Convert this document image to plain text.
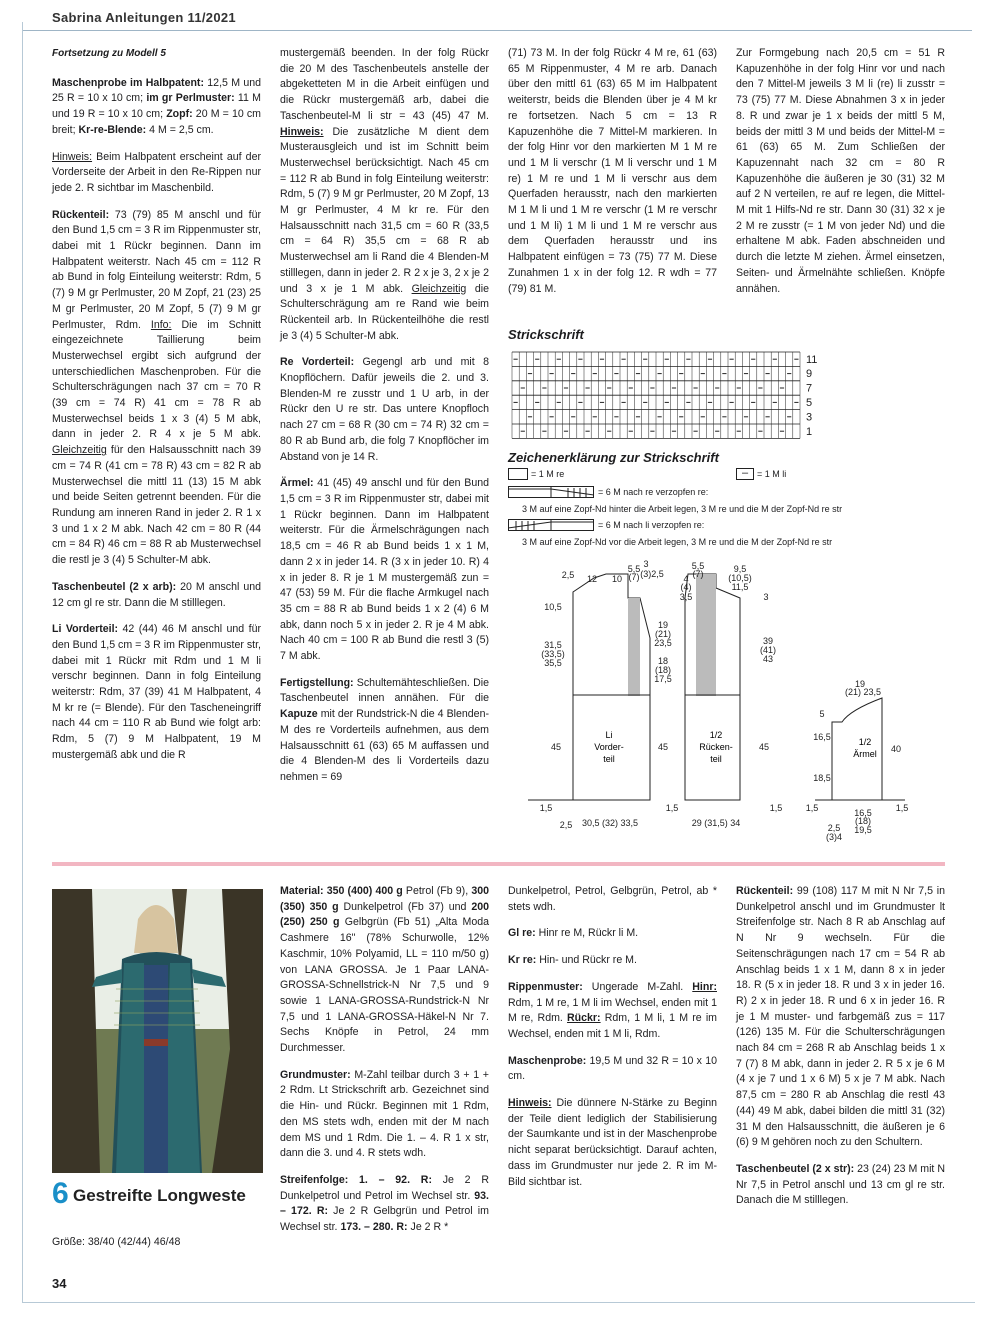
Sabrina Anleitungen 11/2021

Fortsetzung zu Modell 5

Maschenprobe im Halbpatent: 12,5 M und 25 R = 10 x 10 cm; im gr Perlmuster: 11 M und 19 R = 10 x 10 cm; Zopf: 20 M = 10 cm breit; Kr-re-Blende: 4 M = 2,5 cm.

Hinweis: Beim Halbpatent erscheint auf der Vorderseite der Arbeit in den Re-Rippen nur jede 2. R sichtbar im Maschenbild.

Rückenteil: 73 (79) 85 M anschl und für den Bund 1,5 cm = 3 R im Rippenmuster str, dabei mit 1 Rückr beginnen. Dann im Halbpatent weiterstr. Nach 45 cm = 112 R ab Bund in folg Einteilung weiterstr: Rdm, 5 (7) 9 M gr Perlmuster, 20 M Zopf, 21 (23) 25 M gr Perlmuster, 20 M Zopf, 5 (7) 9 M gr Perlmuster, Rdm. Info: Die im Schnitt eingezeichnete Taillierung beim Musterwechsel ergibt sich aufgrund der unterschiedlichen Maschenproben. Für die Schulterschrägungen nach 37 cm = 70 R (39 cm = 74 R) 41 cm = 78 R ab Musterwechsel beids 1 x 3 (4) 5 M abk, dann in jeder 2. R 4 x je 5 M abk. Gleichzeitig für den Halsausschnitt nach 39 cm = 74 R (41 cm = 78 R) 43 cm = 82 R ab Musterwechsel die mittl 11 (13) 15 M abk und beide Seiten getrennt beenden. Für die Rundung am inneren Rand in jeder 2. R 1 x 3 und 1 x 2 M abk. Nach 42 cm = 80 R (44 cm = 84 R) 46 cm = 88 R ab Musterwechsel die restl je 3 (4) 5 Schulter-M abk.

Taschenbeutel (2 x arb): 20 M anschl und 12 cm gl re str. Dann die M stilllegen.

Li Vorderteil: 42 (44) 46 M anschl und für den Bund 1,5 cm = 3 R im Rippenmuster str, dabei mit 1 Rückr mit Rdm und 1 M li verschr beginnen. Dann in folg Einteilung weiterstr: Rdm, 37 (39) 41 M Halbpatent, 4 M kr re (= Blende). Für den Tascheneingriff nach 44 cm = 110 R ab Bund wie folgt arb: Rdm, 5 (7) 9 M Halbpatent, 19 M mustergemäß abk und die R

mustergemäß beenden. In der folg Rückr die 20 M des Taschenbeutels anstelle der abgeketteten M in die Arbeit einfügen und die Rückr mustergemäß arb, dabei die Taschenbeutel-M li str = 43 (45) 47 M. Hinweis: Die zusätzliche M dient dem Musterausgleich und ist im Schnitt beim Musterwechsel berücksichtigt. Nach 45 cm = 112 R ab Bund in folg Einteilung weiterstr: Rdm, 5 (7) 9 M gr Perlmuster, 20 M Zopf, 13 M gr Perlmuster, 4 M kr re. Für den Halsausschnitt nach 31,5 cm = 60 R (33,5 cm = 64 R) 35,5 cm = 68 R ab Musterwechsel am li Rand die 4 Blenden-M stilllegen, dann in jeder 2. R 2 x je 3, 2 x je 2 und 3 x je 1 M abk. Gleichzeitig die Schulterschrägung am re Rand wie beim Rückenteil arb. In Rückenteilhöhe die restl je 3 (4) 5 Schulter-M abk.

Re Vorderteil: Gegengl arb und mit 8 Knopflöchern. Dafür jeweils die 2. und 3. Blenden-M re zusstr und 1 U arb, in der Rückr den U re str. Das untere Knopfloch nach 27 cm = 68 R (30 cm = 74 R) 32 cm = 80 R ab Bund arb, die folg 7 Knopflöcher im Abstand von je 14 R.

Ärmel: 41 (45) 49 anschl und für den Bund 1,5 cm = 3 R im Rippenmuster str, dabei mit 1 Rückr beginnen. Dann im Halbpatent weiterstr. Für die Ärmelschrägungen nach 18,5 cm = 46 R ab Bund beids 1 x 1 M, dann 2 x in jeder 14. R (3 x in jeder 10. R) 4 x in jeder 8. R je 1 M mustergemäß zun = 47 (53) 59 M. Für die flache Armkugel nach 35 cm = 88 R ab Bund beids 1 x 2 (4) 6 M abk, dann noch 5 x in jeder 2. R je 4 M abk. Nach 40 cm = 100 R ab Bund die restl 3 (5) 7 M abk.

Fertigstellung: Schultemähteschließen. Die Taschenbeutel innen annähen. Für die Kapuze mit der Rundstrick-N die 4 Blenden-M des re Vorderteils aufnehmen, aus dem Halsausschnitt 61 (63) 65 M auffassen und die 4 Blenden-M des li Vorderteils dazu nehmen = 69

(71) 73 M. In der folg Rückr 4 M re, 61 (63) 65 M Rippenmuster, 4 M re arb. Danach über den mittl 61 (63) 65 M im Halbpatent weiterstr, beids die Blenden über je 4 M kr re fortsetzen. Nach 5 cm = 13 R Kapuzenhöhe die 7 Mittel-M markieren. In der folg Hinr vor den markierten M 1 M re und 1 M li verschr (1 M li verschr und 1 M re) 1 M re und 1 M li verschr aus dem Querfaden herausstr, nach den markierten M 1 M li und 1 M re verschr (1 M re verschr und 1 M li) 1 M li und 1 M re verschr aus dem Querfaden herausstr und ins Halbpatent einfügen = 73 (75) 77 M. Diese Zunahmen 1 x in der folg 12. R wdh = 77 (79) 81 M.

Zur Formgebung nach 20,5 cm = 51 R Kapuzenhöhe in der folg Hinr vor und nach den 7 Mittel-M jeweils 3 M li (re) li zusstr = 73 (75) 77 M. Diese Abnahmen 3 x in jeder 8. R und zwar je 1 x beids der mittl 5 M, beids der mittl 3 M und beids der Mittel-M = 61 (63) 65 M. Zum Schließen der Kapuzennaht nach 32 cm = 80 R Kapuzenhöhe die äußeren je 30 (31) 32 M auf 2 N verteilen, re auf re legen, die Mittel-M mit 1 Hilfs-Nd re str. Dann 30 (31) 32 x je 2 M re zusstr (= 1 M von jeder Nd) und die erhaltene M abk. Faden abschneiden und durch die letzte M ziehen. Ärmel einsetzen, Seiten- und Ärmelnähte schließen. Knöpfe annähen.

Strickschrift
11
9
7
5
3
1
Zeichenerklärung zur Strickschrift
= 1 M re	– = 1 M li
= 6 M nach re verzopfen re:
3 M auf eine Zopf-Nd hinter die Arbeit legen, 3 M re und die M der Zopf-Nd re str
= 6 M nach li verzopfen re:
3 M auf eine Zopf-Nd vor die Arbeit legen, 3 M re und die M der Zopf-Nd re str
Li Vorder-teil
1/2 Rücken-teil
1/2 Ärmel
2,5 12 10
5,5
(7)
3
(3)2,5
5,5
(7)	9,5
(10,5)
11,5
3
4
(4)
3,5
10,5
31,5
(33,5)
35,5
19
(21)
23,5
18
(18)
17,5
39
(41)
43
45	45	45
1,5	1,5	1,5
2,5 30,5 (32) 33,5	29 (31,5) 34
19
(21) 23,5
5
16,5
18,5
40
1,5	1,5
16,5
(18)
19,5
2,5
(3)4
6 Gestreifte Longweste
Größe: 38/40 (42/44) 46/48

Material: 350 (400) 400 g Petrol (Fb 9), 300 (350) 350 g Dunkelpetrol (Fb 37) und 200 (250) 250 g Gelbgrün (Fb 51) „Alta Moda Cashmere 16" (78% Schurwolle, 12% Kaschmir, 10% Polyamid, LL = 110 m/50 g) von LANA GROSSA. Je 1 Paar LANA-GROSSA-Schnellstrick-N Nr 7,5 und 9 sowie 1 LANA-GROSSA-Rundstrick-N Nr 7,5 und 1 LANA-GROSSA-Häkel-N Nr 7. Sechs Knöpfe in Petrol, 24 mm Durchmesser.

Grundmuster: M-Zahl teilbar durch 3 + 1 + 2 Rdm. Lt Strickschrift arb. Gezeichnet sind die Hin- und Rückr. Beginnen mit 1 Rdm, den MS stets wdh, enden mit der M nach dem MS und 1 Rdm. Die 1. – 4. R 1 x str, dann die 3. und 4. R stets wdh.

Streifenfolge: 1. – 92. R: Je 2 R Dunkelpetrol und Petrol im Wechsel str. 93. – 172. R: Je 2 R Gelbgrün und Petrol im Wechsel str. 173. – 280. R: Je 2 R *

Dunkelpetrol, Petrol, Gelbgrün, Petrol, ab * stets wdh.

Gl re: Hinr re M, Rückr li M.

Kr re: Hin- und Rückr re M.

Rippenmuster: Ungerade M-Zahl. Hinr: Rdm, 1 M re, 1 M li im Wechsel, enden mit 1 M re, Rdm. Rückr: Rdm, 1 M li, 1 M re im Wechsel, enden mit 1 M li, Rdm.

Maschenprobe: 19,5 M und 32 R = 10 x 10 cm.

Hinweis: Die dünnere N-Stärke zu Beginn der Teile dient lediglich der Stabilisierung der Saumkante und ist in der Maschenprobe nicht separat berücksichtigt. Darauf achten, dass im Grundmuster nur jede 2. R im M-Bild sichtbar ist.

Rückenteil: 99 (108) 117 M mit N Nr 7,5 in Dunkelpetrol anschl und im Grundmuster lt Streifenfolge str. Nach 8 R ab Anschlag auf N Nr 9 wechseln. Für die Seitenschrägungen nach 17 cm = 54 R ab Anschlag beids 1 x 1 M, dann 8 x in jeder 18. R (5 x in jeder 18. R und 3 x in jeder 16. R) 2 x in jeder 18. R und 6 x in jeder 16. R je 1 M muster- und farbgemäß zus = 117 (126) 135 M. Für die Schulterschrägungen nach 84 cm = 268 R ab Anschlag beids 1 x 7 (7) 8 M abk, dann in jeder 2. R 5 x je 6 M (4 x je 7 und 1 x 6 M) 5 x je 7 M abk. Nach 87,5 cm = 280 R ab Anschlag die restl 43 (44) 49 M abk, dabei bilden die mittl 31 (32) 31 M den Halsausschnitt, die äußeren je 6 (6) 9 M gehören noch zu den Schultern.

Taschenbeutel (2 x str): 23 (24) 23 M mit N Nr 7,5 in Petrol anschl und 13 cm gl re str. Danach die M stilllegen.

34
